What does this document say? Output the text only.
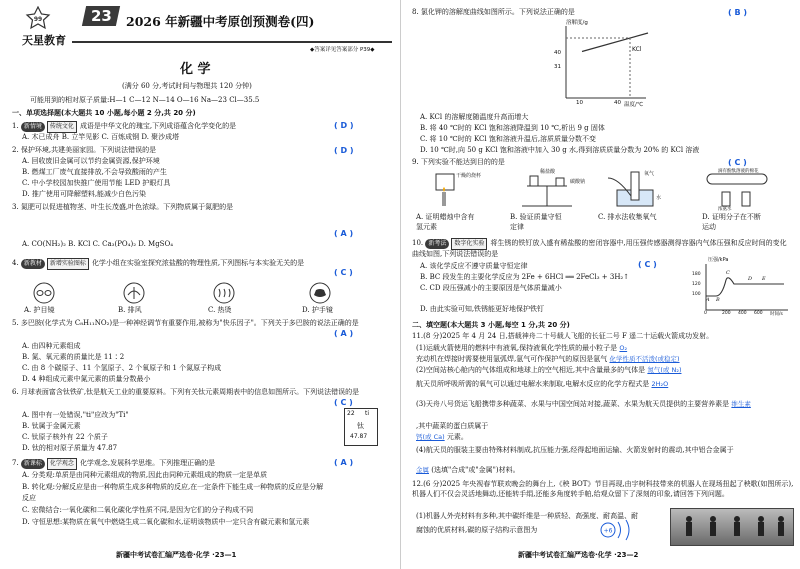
99	23
天星教育
2026 年新疆中考原创预测卷(四)
◆答案详见答案部分 P39◆
化 学
(满分 60 分,考试时间与物理共 120 分钟)
可能用到的相对原子质量:H—1 C—12 N—14 O—16 Na—23 Cl—35.5
一、单项选择题(本大题共 10 小题,每小题 2 分,共 20 分)
1. 新情境 传统文化 成语是中华文化的瑰宝,下列成语蕴含化学变化的是	( D )
A. 木已成舟 B. 立竿见影 C. 百炼成钢 D. 聚沙成塔
2. 保护环境,共建美丽家园。下列说法错误的是	( D )
A. 回收废旧金属可以节约金属资源,保护环境
B. 燃煤工厂废气直接排放,不会导致酸雨的产生
C. 中小学校园加快推广使用节能 LED 护眼灯具
D. 推广使用可降解塑料,能减少白色污染
3. 氮肥可以促进植物茎、叶生长茂盛,叶色浓绿。下列物质属于氮肥的是
( A )
A. CO(NH₂)₂ B. KCl C. Ca₃(PO₄)₂ D. MgSO₄
4. 新教材 新增实验图标 化学小组在实验室探究浓盐酸的物理性质,下列图标与本实验无关的是
( C )
A. 护目镜	B. 排风	C. 热烫	D. 护手镜
5. 多巴胺(化学式为 C₈H₁₁NO₂)是一种神经调节有重要作用,被称为"快乐因子"。下列关于多巴胺的说法正确的是
( A )
A. 由四种元素组成
B. 氮、氧元素的质量比是 11∶2
C. 由 8 个碳原子、11 个氢原子、2 个氧原子和 1 个氮原子构成
D. 4 种组成元素中氮元素的质量分数最小
6. 月球表面富含钛铁矿,钛是航天工业的重要原料。下列有关钛元素周期表中的信息如图所示。下列说法错误的是
( C )
A. 图中有一处错误,"ti"应改为"Ti"
B. 钛属于金属元素
C. 钛原子核外有 22 个质子
D. 钛的相对原子质量为 47.87
22 ti
钛
47.87
7. 新课标 化学观念 化学观念,发展科学思维。下列推理正确的是	( A )
A. 分类观:单质是由同种元素组成的物质,因此由同种元素组成的物质一定是单质
B. 转化观:分解反应是由一种物质生成多种物质的反应,在一定条件下能生成一种物质的反应是分解
反应
C. 宏微结合:一氧化碳和二氧化碳化学性质不同,是因为它们的分子构成不同
D. 守恒思想:某物质在氧气中燃烧生成二氧化碳和水,证明该物质中一定只含有碳元素和氢元素
新疆中考试卷汇编严选卷·化学 ·23—1
8. 氯化钾的溶解度曲线如图所示。下列说法正确的是	( B )
溶解度/g
40
31
KCl
10	40 温度/℃
A. KCl 的溶解度随温度升高而增大
B. 将 40 ℃时的 KCl 饱和溶液降温到 10 ℃,析出 9 g 固体
C. 将 10 ℃时的 KCl 饱和溶液升温后,溶质质量分数不变
D. 10 ℃时,向 50 g KCl 饱和溶液中加入 30 g 水,得到溶质质量分数为 20% 的 KCl 溶液
9. 下列实验不能达到目的的是	( C )
干燥的烧杯
稀盐酸
碳酸钠
氧气
水
滴有酚酞溶液的棉花
浓氨水
A. 证明蜡烛中含有
氢元素
B. 验证质量守恒
定律
C. 排水法收集氧气	D. 证明分子在不断
运动
10. 新考法 数字化实验 将生锈的铁钉放入盛有稀盐酸的密闭容器中,用压强传感器测得容器内气体压强和反应时间的变化曲线如图,下列说法错误的是
( C )
A. 该化学反应不遵守质量守恒定律
B. BC 段发生的主要化学反应为 2Fe + 6HCl ══ 2FeCl₃ + 3H₂↑
C. CD 段压强减小的主要原因是气体质量减小
D. 由此实验可知,铁锈能更好地保护铁钉
压强/kPa
180
120
100
A B
C
D E
0	200 400 600 时间/s
二、填空题(本大题共 3 小题,每空 1 分,共 20 分)
11.(8 分)2025 年 4 月 24 日,搭载神舟二十号载人飞船的长征二号 F 遥二十运载火箭成功发射。
(1)运载火箭使用的燃料中有液氧,保持液氧化学性质的最小粒子是 O₂
充动机在焊接时需要使用氩弧焊,氩气可作保护气的原因是氩气 化学性质不活泼(或稳定)
(2)空间站核心舱内的气体组成和地球上的空气相近,其中含量最多的气体是 氮气(或 N₂)
航天员所呼吸所需的氧气可以通过电解水来制取,电解水反应的化学方程式是 2H₂O
(3)天舟八号货运飞船携带多种蔬菜、水果与中国空间站对接,蔬菜、水果为航天员提供的主要营养素是 维生素
,其中蔬菜的蛋白质属于
钙(或 Ca) 元素。
(4)航天员的服装主要由特殊材料制成,抗压能力强,经得起地面运输、火箭发射时的震动,其中铝合金属于
金属 (选填"合成"或"金属")材料。
12.(6 分)2025 年央视春节联欢晚会的舞台上,《秧 BOT》节目再现,由宇树科技带来的机器人在现场扭起了秧歌(如图所示),机器人们不仅会灵活地舞动,还能转手绢,还能多角度转手帕,给观众留下了深刻的印象,请回答下列问题。
(1)机器人外壳材料有多种,其中碳纤维是一种质轻、高强度、耐高温、耐
腐蚀的优质材料,碳的原子结构示意图为	+6
新疆中考试卷汇编严选卷·化学 ·23—2
